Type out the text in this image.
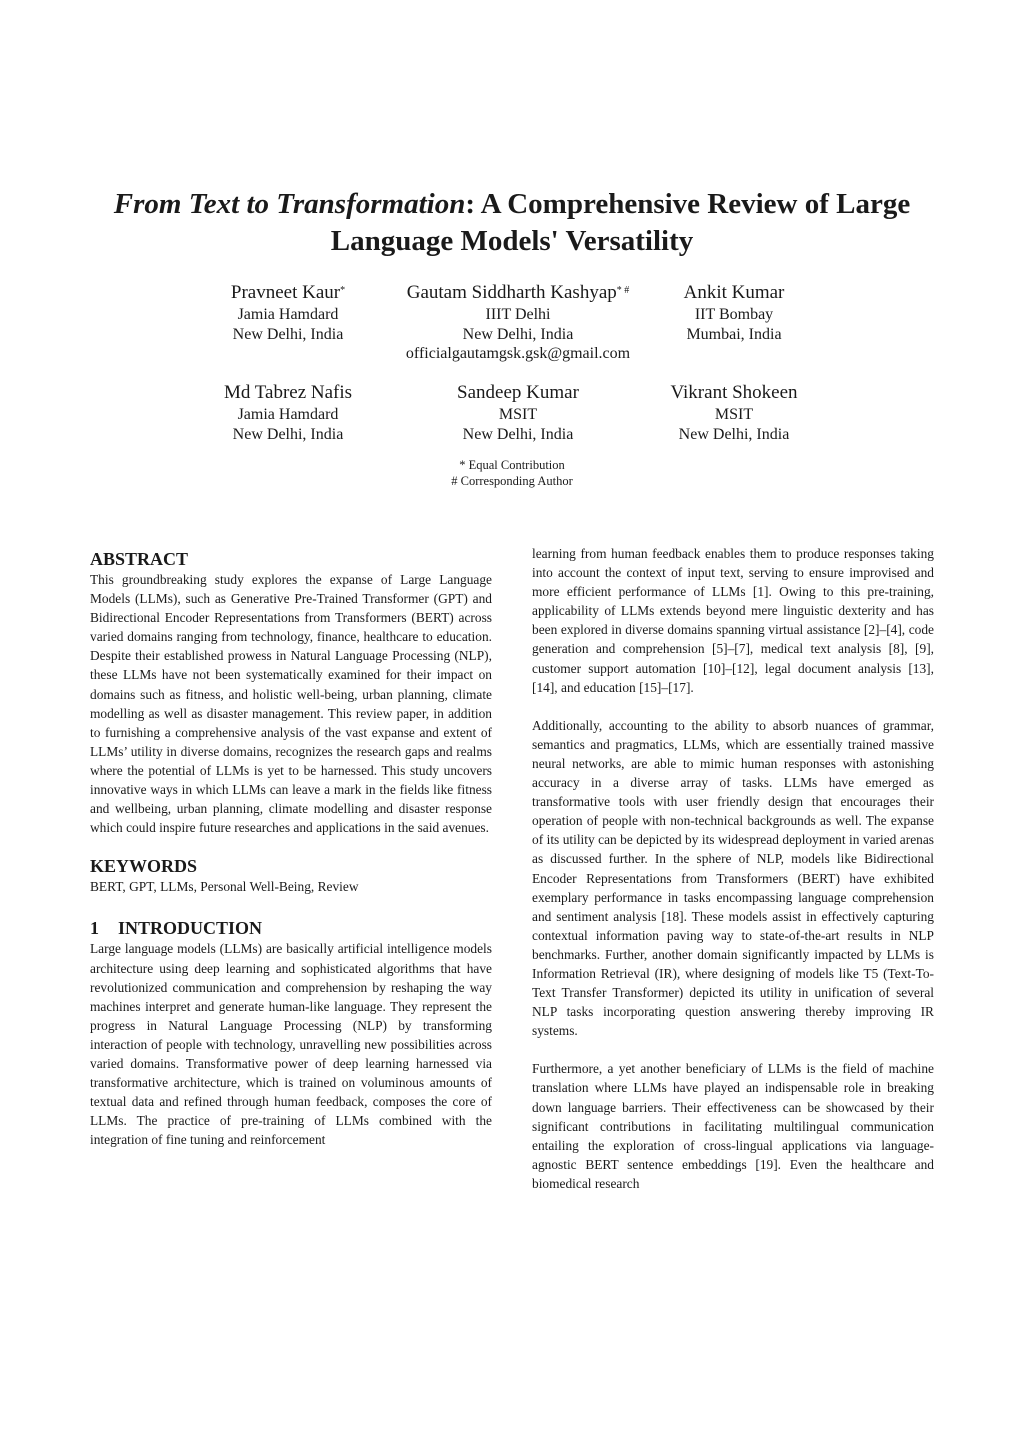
From Text to Transformation: A Comprehensive Review of Large Language Models' Versatility
Pravneet Kaur*
Jamia Hamdard
New Delhi, India
Gautam Siddharth Kashyap* #
IIIT Delhi
New Delhi, India
officialgautamgsk.gsk@gmail.com
Ankit Kumar
IIT Bombay
Mumbai, India
Md Tabrez Nafis
Jamia Hamdard
New Delhi, India
Sandeep Kumar
MSIT
New Delhi, India
Vikrant Shokeen
MSIT
New Delhi, India
* Equal Contribution
# Corresponding Author
ABSTRACT

This groundbreaking study explores the expanse of Large Language Models (LLMs), such as Generative Pre-Trained Transformer (GPT) and Bidirectional Encoder Representations from Transformers (BERT) across varied domains ranging from technology, finance, healthcare to education. Despite their established prowess in Natural Language Processing (NLP), these LLMs have not been systematically examined for their impact on domains such as fitness, and holistic well-being, urban planning, climate modelling as well as disaster management. This review paper, in addition to furnishing a comprehensive analysis of the vast expanse and extent of LLMs’ utility in diverse domains, recognizes the research gaps and realms where the potential of LLMs is yet to be harnessed. This study uncovers innovative ways in which LLMs can leave a mark in the fields like fitness and wellbeing, urban planning, climate modelling and disaster response which could inspire future researches and applications in the said avenues.

KEYWORDS

BERT, GPT, LLMs, Personal Well-Being, Review

1 INTRODUCTION

Large language models (LLMs) are basically artificial intelligence models architecture using deep learning and sophisticated algorithms that have revolutionized communication and comprehension by reshaping the way machines interpret and generate human-like language. They represent the progress in Natural Language Processing (NLP) by transforming interaction of people with technology, unravelling new possibilities across varied domains. Transformative power of deep learning harnessed via transformative architecture, which is trained on voluminous amounts of textual data and refined through human feedback, composes the core of LLMs. The practice of pre-training of LLMs combined with the integration of fine tuning and reinforcement

learning from human feedback enables them to produce responses taking into account the context of input text, serving to ensure improvised and more efficient performance of LLMs [1]. Owing to this pre-training, applicability of LLMs extends beyond mere linguistic dexterity and has been explored in diverse domains spanning virtual assistance [2]–[4], code generation and comprehension [5]–[7], medical text analysis [8], [9], customer support automation [10]–[12], legal document analysis [13], [14], and education [15]–[17].

Additionally, accounting to the ability to absorb nuances of grammar, semantics and pragmatics, LLMs, which are essentially trained massive neural networks, are able to mimic human responses with astonishing accuracy in a diverse array of tasks. LLMs have emerged as transformative tools with user friendly design that encourages their operation of people with non-technical backgrounds as well. The expanse of its utility can be depicted by its widespread deployment in varied arenas as discussed further. In the sphere of NLP, models like Bidirectional Encoder Representations from Transformers (BERT) have exhibited exemplary performance in tasks encompassing language comprehension and sentiment analysis [18]. These models assist in effectively capturing contextual information paving way to state-of-the-art results in NLP benchmarks. Further, another domain significantly impacted by LLMs is Information Retrieval (IR), where designing of models like T5 (Text-To-Text Transfer Transformer) depicted its utility in unification of several NLP tasks incorporating question answering thereby improving IR systems.

Furthermore, a yet another beneficiary of LLMs is the field of machine translation where LLMs have played an indispensable role in breaking down language barriers. Their effectiveness can be showcased by their significant contributions in facilitating multilingual communication entailing the exploration of cross-lingual applications via language-agnostic BERT sentence embeddings [19]. Even the healthcare and biomedical research
